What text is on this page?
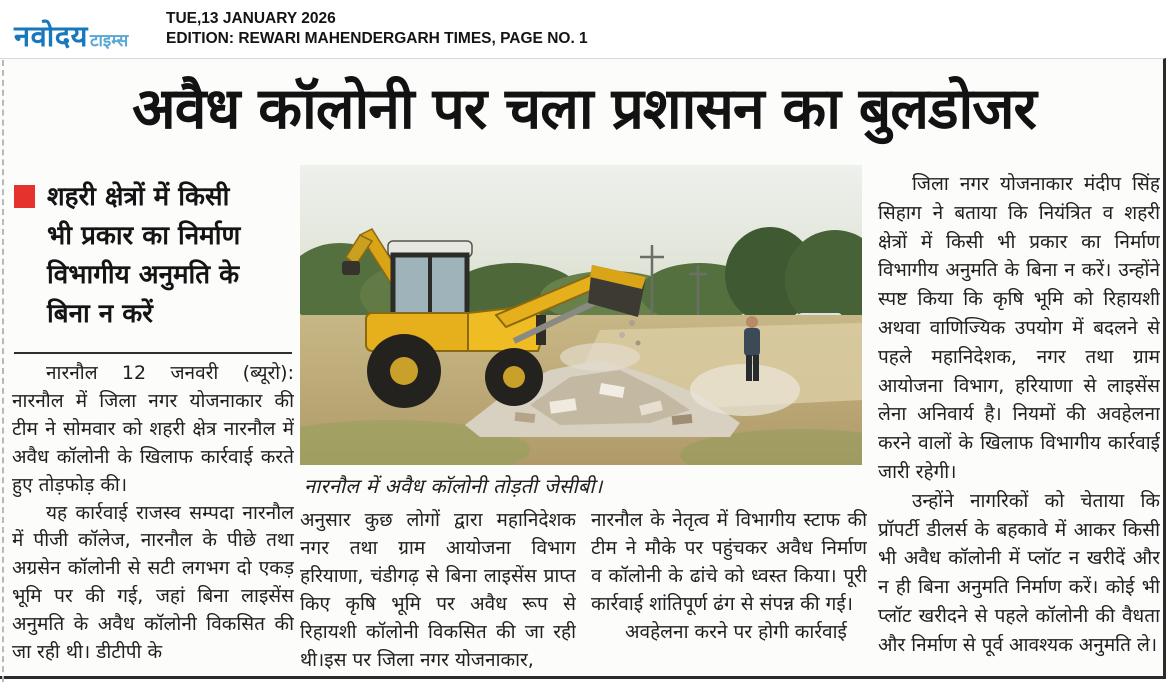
नवोदय टाइम्स
TUE,13 JANUARY 2026
EDITION: REWARI MAHENDERGARH TIMES, PAGE NO. 1
अवैध कॉलोनी पर चला प्रशासन का बुलडोजर
शहरी क्षेत्रों में किसी
भी प्रकार का निर्माण
विभागीय अनुमति के
बिना न करें

नारनौल 12 जनवरी (ब्यूरो): नारनौल में जिला नगर योजनाकार की टीम ने सोमवार को शहरी क्षेत्र नारनौल में अवैध कॉलोनी के खिलाफ कार्रवाई करते हुए तोड़फोड़ की।

यह कार्रवाई राजस्व सम्पदा नारनौल में पीजी कॉलेज, नारनौल के पीछे तथा अग्रसेन कॉलोनी से सटी लगभग दो एकड़ भूमि पर की गई, जहां बिना लाइसेंस अनुमति के अवैध कॉलोनी विकसित की जा रही थी। डीटीपी के

नारनौल में अवैध कॉलोनी तोड़ती जेसीबी।

अनुसार कुछ लोगों द्वारा महानिदेशक नगर तथा ग्राम आयोजना विभाग हरियाणा, चंडीगढ़ से बिना लाइसेंस प्राप्त किए कृषि भूमि पर अवैध रूप से रिहायशी कॉलोनी विकसित की जा रही थी।इस पर जिला नगर योजनाकार,

नारनौल के नेतृत्व में विभागीय स्टाफ की टीम ने मौके पर पहुंचकर अवैध निर्माण व कॉलोनी के ढांचे को ध्वस्त किया। पूरी कार्रवाई शांतिपूर्ण ढंग से संपन्न की गई।

अवहेलना करने पर होगी कार्रवाई

जिला नगर योजनाकार मंदीप सिंह सिहाग ने बताया कि नियंत्रित व शहरी क्षेत्रों में किसी भी प्रकार का निर्माण विभागीय अनुमति के बिना न करें। उन्होंने स्पष्ट किया कि कृषि भूमि को रिहायशी अथवा वाणिज्यिक उपयोग में बदलने से पहले महानिदेशक, नगर तथा ग्राम आयोजना विभाग, हरियाणा से लाइसेंस लेना अनिवार्य है। नियमों की अवहेलना करने वालों के खिलाफ विभागीय कार्रवाई जारी रहेगी।

उन्होंने नागरिकों को चेताया कि प्रॉपर्टी डीलर्स के बहकावे में आकर किसी भी अवैध कॉलोनी में प्लॉट न खरीदें और न ही बिना अनुमति निर्माण करें। कोई भी प्लॉट खरीदने से पहले कॉलोनी की वैधता और निर्माण से पूर्व आवश्यक अनुमति ले।
